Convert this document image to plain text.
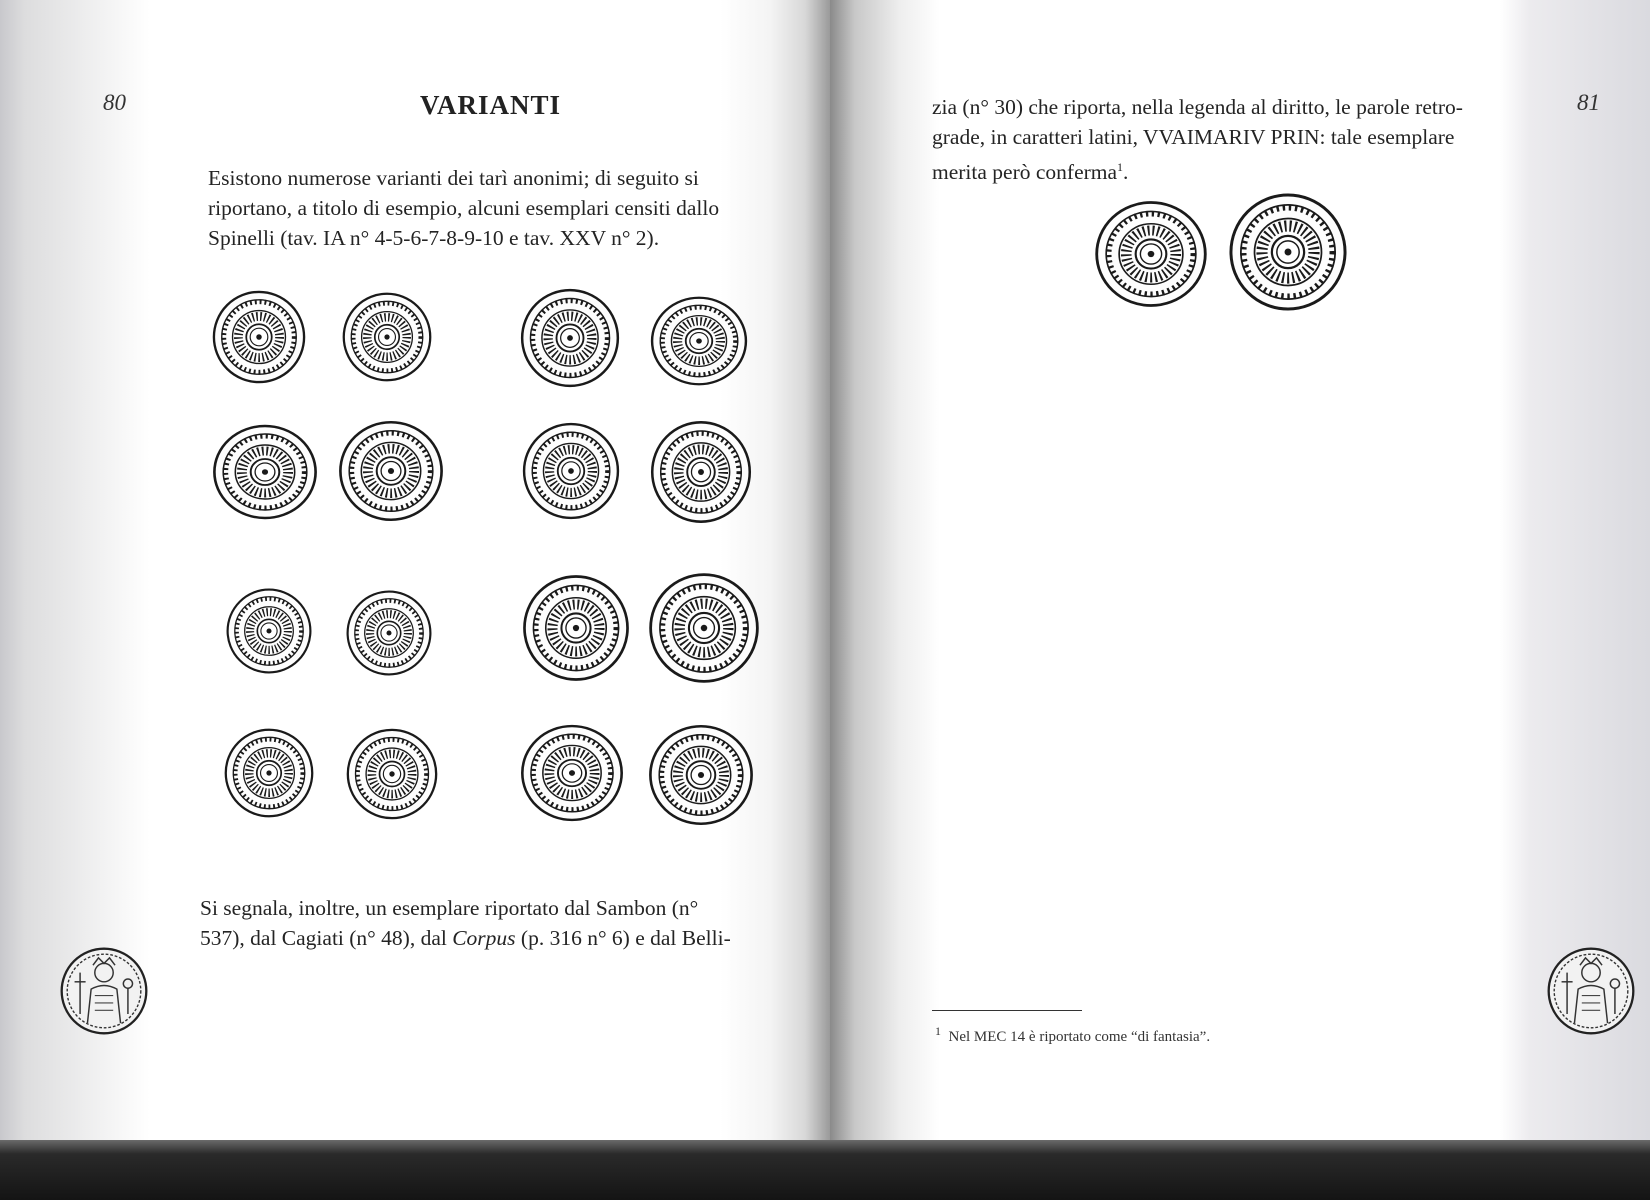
80	VARIANTI
Esistono numerose varianti dei tarì anonimi; di seguito si
riportano, a titolo di esempio, alcuni esemplari censiti dallo
Spinelli (tav. IA n° 4-5-6-7-8-9-10 e tav. XXV n° 2).
Si segnala, inoltre, un esemplare riportato dal Sambon (n°
537), dal Cagiati (n° 48), dal Corpus (p. 316 n° 6) e dal Belli-
81
zia (n° 30) che riporta, nella legenda al diritto, le parole retro-
grade, in caratteri latini, VVAIMARIV PRIN: tale esemplare
merita però conferma$^1$.
$^1$ Nel MEC 14 è riportato come “di fantasia”.
